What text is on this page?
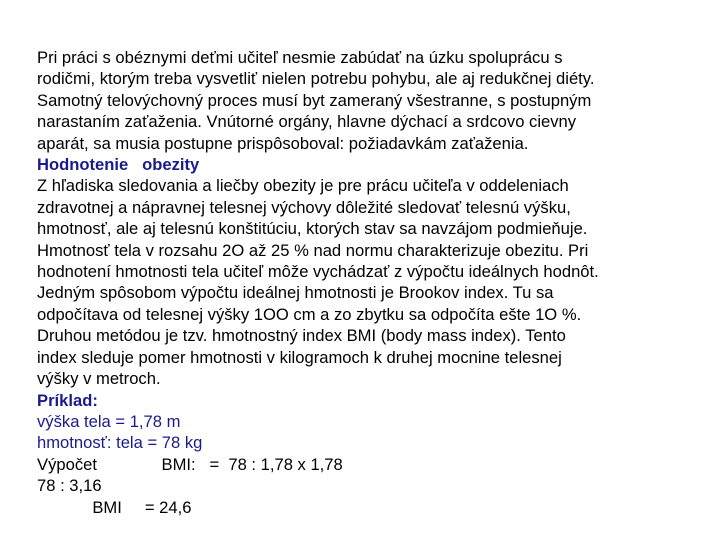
Pri práci s obéznymi deťmi učiteľ nesmie zabúdať na úzku spoluprácu s
rodičmi, ktorým treba vysvetliť nielen potrebu pohybu, ale aj redukčnej diéty.
Samotný telovýchovný proces musí byt zameraný všestranne, s postupným
narastaním zaťaženia. Vnútorné orgány, hlavne dýchací a srdcovo cievny
aparát, sa musia postupne prispôsoboval: požiadavkám zaťaženia.
Hodnotenie   obezity
Z hľadiska sledovania a liečby obezity je pre prácu učiteľa v oddeleniach
zdravotnej a nápravnej telesnej výchovy dôležité sledovať telesnú výšku,
hmotnosť, ale aj telesnú konštitúciu, ktorých stav sa navzájom podmieňuje.
Hmotnosť tela v rozsahu 2O až 25 % nad normu charakterizuje obezitu. Pri
hodnotení hmotnosti tela učiteľ môže vychádzať z výpočtu ideálnych hodnôt.
Jedným spôsobom výpočtu ideálnej hmotnosti je Brookov index. Tu sa
odpočítava od telesnej výšky 1OO cm a zo zbytku sa odpočíta ešte 1O %.
Druhou metódou je tzv. hmotnostný index BMI (body mass index). Tento
index sleduje pomer hmotnosti v kilogramoch k druhej mocnine telesnej
výšky v metroch.
Príklad:
výška tela = 1,78 m
hmotnosť: tela = 78 kg
Výpočet              BMI:   =  78 : 1,78 x 1,78
78 : 3,16
BMI     = 24,6
